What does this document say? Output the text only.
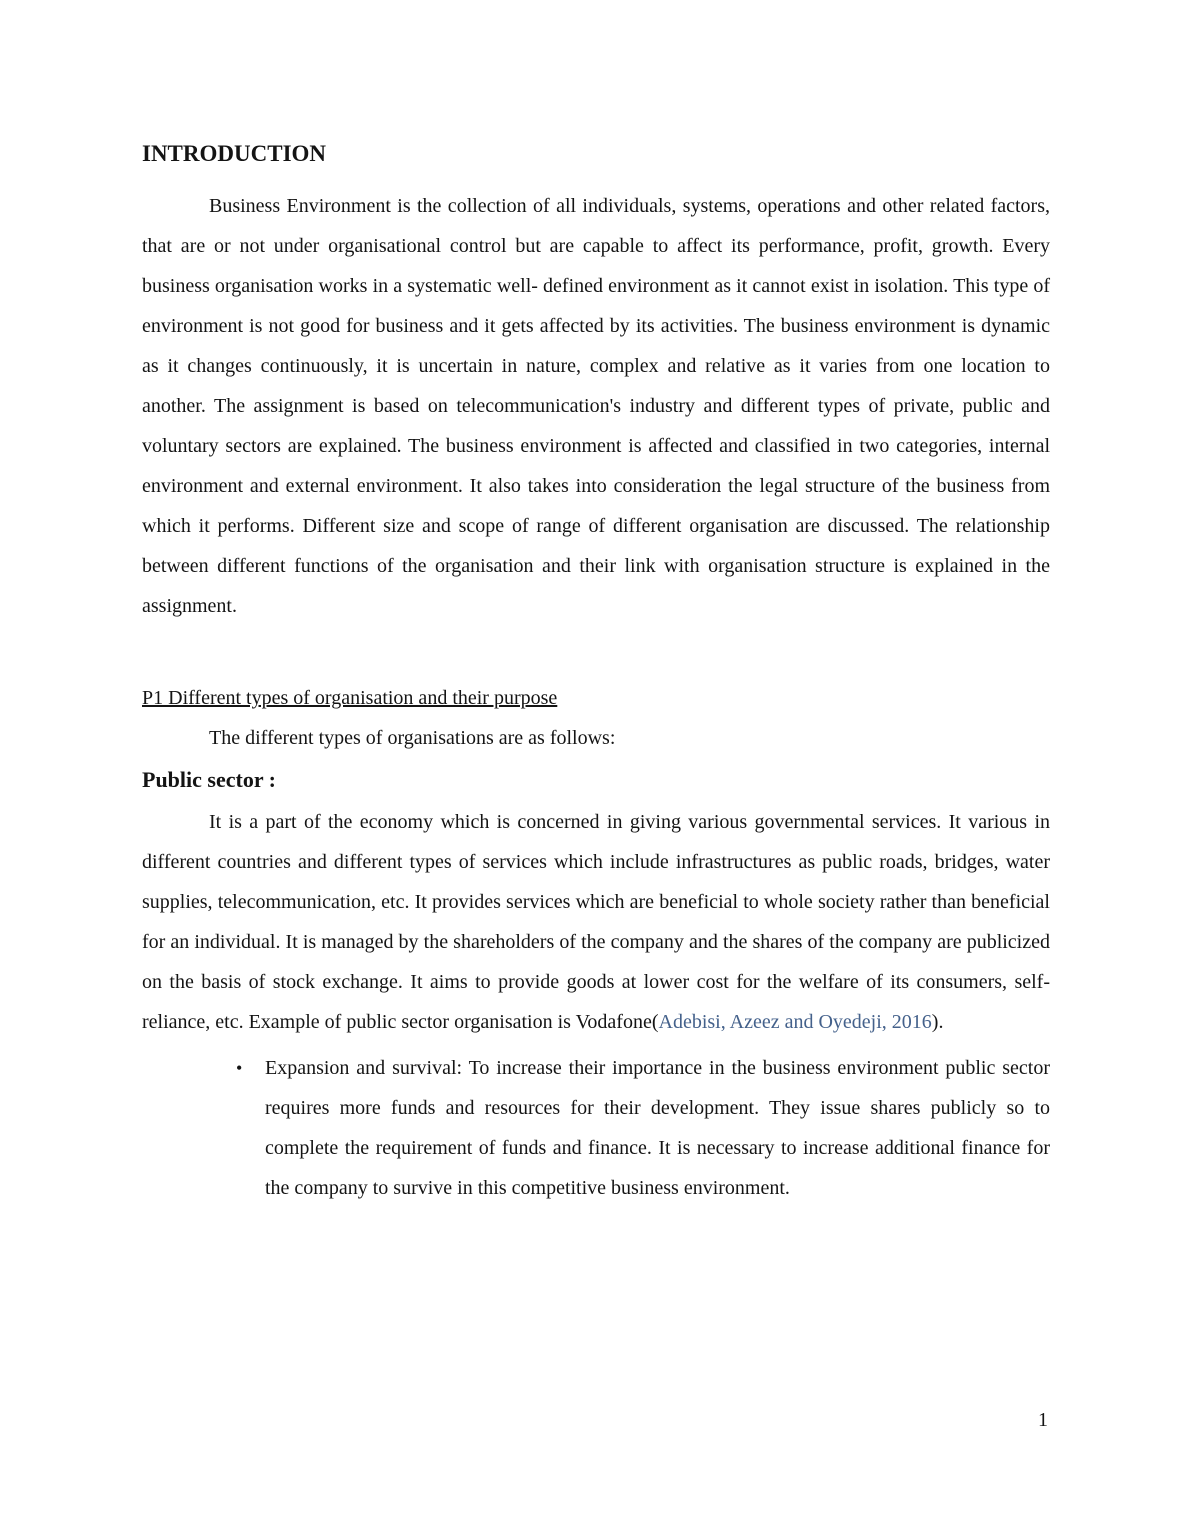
INTRODUCTION

Business Environment is the collection of all individuals, systems, operations and other related factors, that are or not under organisational control but are capable to affect its performance, profit, growth. Every business organisation works in a systematic well- defined environment as it cannot exist in isolation. This type of environment is not good for business and it gets affected by its activities. The business environment is dynamic as it changes continuously, it is uncertain in nature, complex and relative as it varies from one location to another. The assignment is based on telecommunication's industry and different types of private, public and voluntary sectors are explained. The business environment is affected and classified in two categories, internal environment and external environment. It also takes into consideration the legal structure of the business from which it performs. Different size and scope of range of different organisation are discussed. The relationship between different functions of the organisation and their link with organisation structure is explained in the assignment.

P1 Different types of organisation and their purpose

The different types of organisations are as follows:

Public sector :

It is a part of the economy which is concerned in giving various governmental services. It various in different countries and different types of services which include infrastructures as public roads, bridges, water supplies, telecommunication, etc. It provides services which are beneficial to whole society rather than beneficial for an individual. It is managed by the shareholders of the company and the shares of the company are publicized on the basis of stock exchange. It aims to provide goods at lower cost for the welfare of its consumers, self- reliance, etc. Example of public sector organisation is Vodafone(Adebisi, Azeez and Oyedeji, 2016).

• Expansion and survival: To increase their importance in the business environment public sector requires more funds and resources for their development. They issue shares publicly so to complete the requirement of funds and finance. It is necessary to increase additional finance for the company to survive in this competitive business environment.
1
